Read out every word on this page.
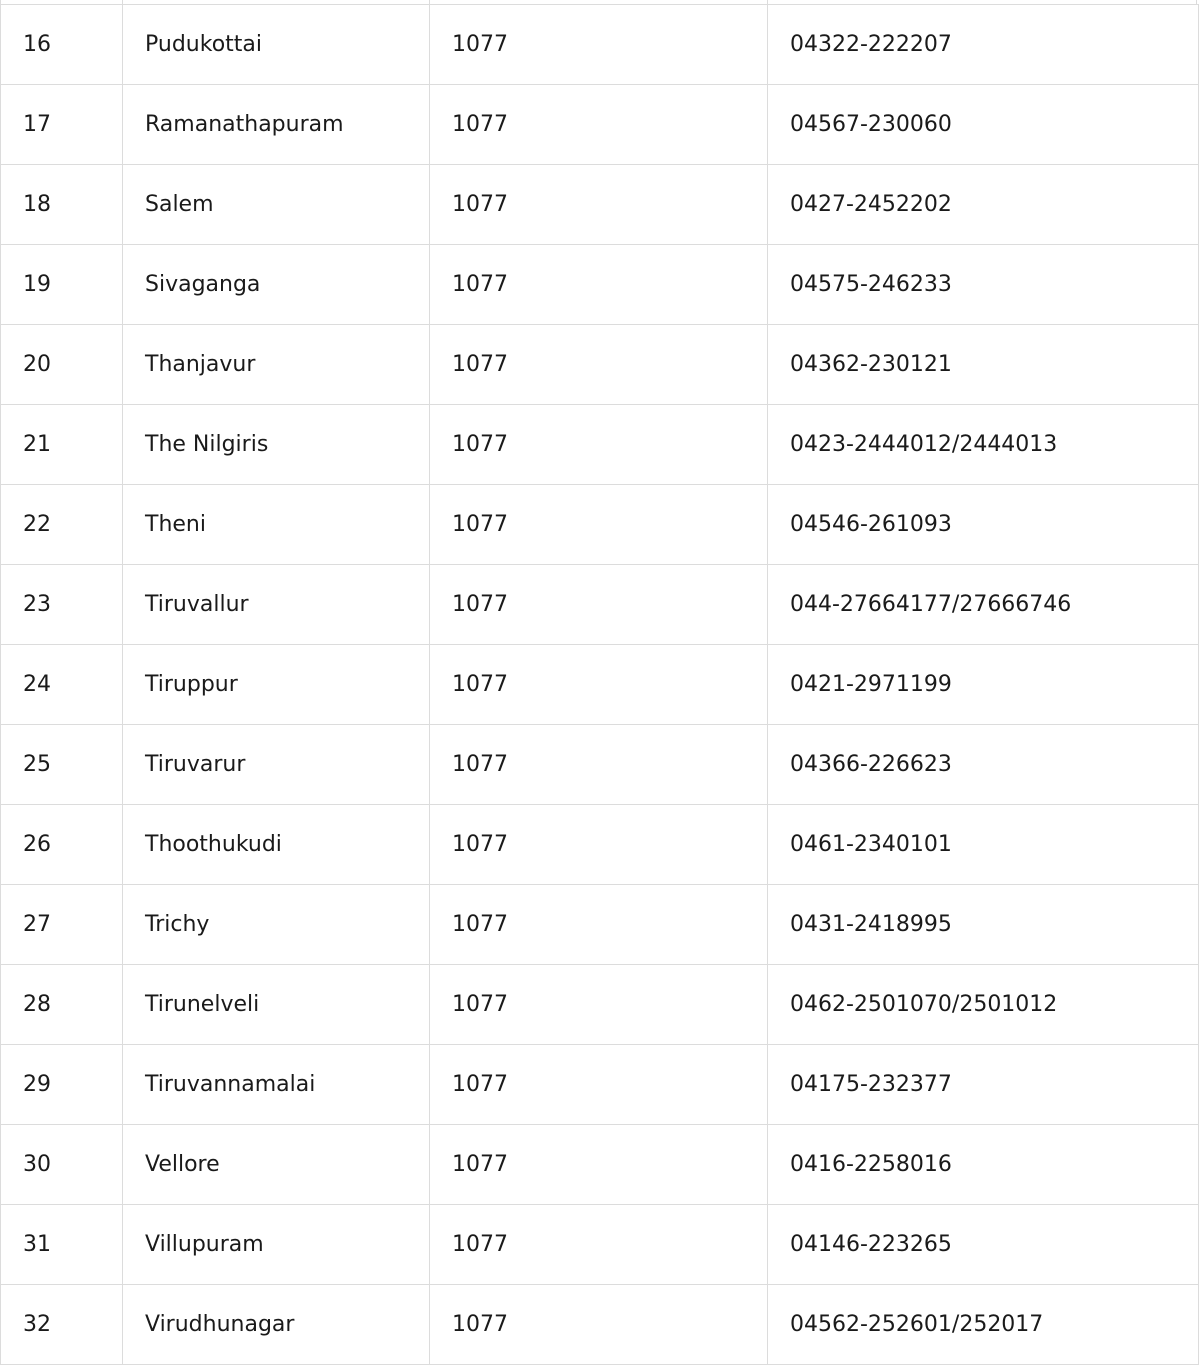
16	Pudukottai	1077	04322-222207
17	Ramanathapuram	1077	04567-230060
18	Salem	1077	0427-2452202
19	Sivaganga	1077	04575-246233
20	Thanjavur	1077	04362-230121
21	The Nilgiris	1077	0423-2444012/2444013
22	Theni	1077	04546-261093
23	Tiruvallur	1077	044-27664177/27666746
24	Tiruppur	1077	0421-2971199
25	Tiruvarur	1077	04366-226623
26	Thoothukudi	1077	0461-2340101
27	Trichy	1077	0431-2418995
28	Tirunelveli	1077	0462-2501070/2501012
29	Tiruvannamalai	1077	04175-232377
30	Vellore	1077	0416-2258016
31	Villupuram	1077	04146-223265
32	Virudhunagar	1077	04562-252601/252017
